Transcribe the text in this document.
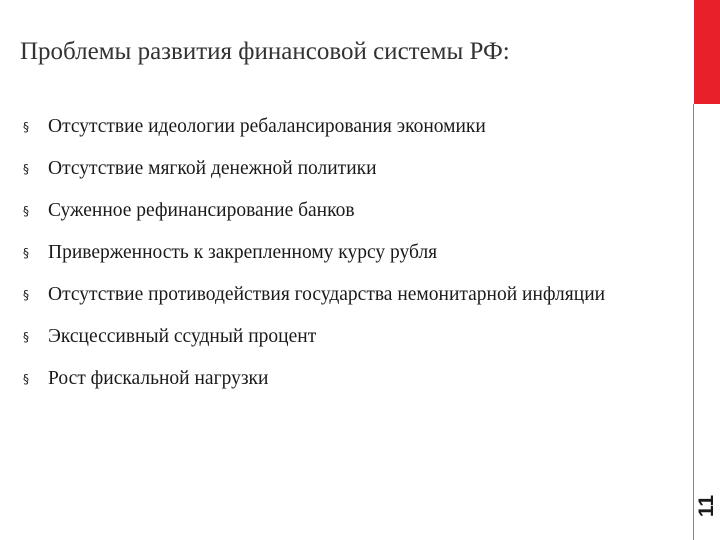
Проблемы развития финансовой системы РФ:
§ Отсутствие идеологии ребалансирования экономики
§ Отсутствие мягкой денежной политики
§ Суженное рефинансирование банков
§ Приверженность к закрепленному курсу рубля
§ Отсутствие противодействия государства немонитарной инфляции
§ Эксцессивный ссудный процент
§ Рост фискальной нагрузки
11
